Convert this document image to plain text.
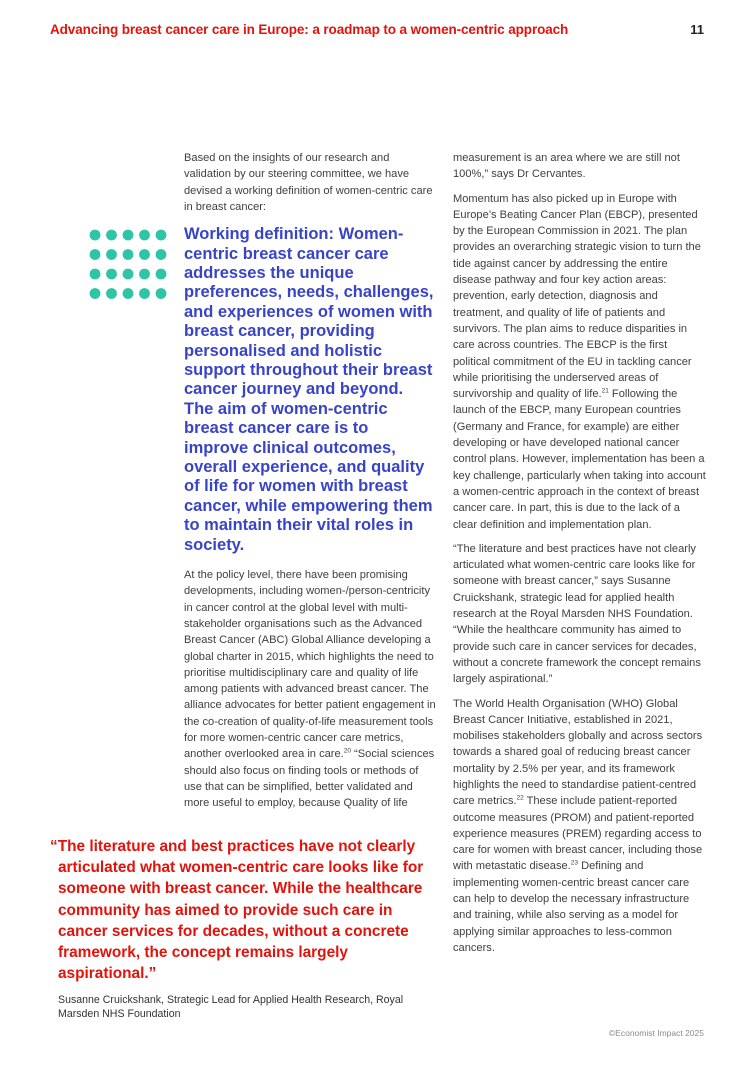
Advancing breast cancer care in Europe: a roadmap to a women-centric approach	11

Based on the insights of our research and validation by our steering committee, we have devised a working definition of women-centric care in breast cancer:

Working definition: Women-centric breast cancer care addresses the unique preferences, needs, challenges, and experiences of women with breast cancer, providing personalised and holistic support throughout their breast cancer journey and beyond. The aim of women-centric breast cancer care is to improve clinical outcomes, overall experience, and quality of life for women with breast cancer, while empowering them to maintain their vital roles in society.

At the policy level, there have been promising developments, including women-/person-centricity in cancer control at the global level with multi-stakeholder organisations such as the Advanced Breast Cancer (ABC) Global Alliance developing a global charter in 2015, which highlights the need to prioritise multidisciplinary care and quality of life among patients with advanced breast cancer. The alliance advocates for better patient engagement in the co-creation of quality-of-life measurement tools for more women-centric cancer care metrics, another overlooked area in care.$^{20}$ “Social sciences should also focus on finding tools or methods of use that can be simplified, better validated and more useful to employ, because Quality of life

measurement is an area where we are still not 100%,” says Dr Cervantes.

Momentum has also picked up in Europe with Europe’s Beating Cancer Plan (EBCP), presented by the European Commission in 2021. The plan provides an overarching strategic vision to turn the tide against cancer by addressing the entire disease pathway and four key action areas: prevention, early detection, diagnosis and treatment, and quality of life of patients and survivors. The plan aims to reduce disparities in care across countries. The EBCP is the first political commitment of the EU in tackling cancer while prioritising the underserved areas of survivorship and quality of life.$^{21}$ Following the launch of the EBCP, many European countries (Germany and France, for example) are either developing or have developed national cancer control plans. However, implementation has been a key challenge, particularly when taking into account a women-centric approach in the context of breast cancer care. In part, this is due to the lack of a clear definition and implementation plan.

“The literature and best practices have not clearly articulated what women-centric care looks like for someone with breast cancer,” says Susanne Cruickshank, strategic lead for applied health research at the Royal Marsden NHS Foundation. “While the healthcare community has aimed to provide such care in cancer services for decades, without a concrete framework the concept remains largely aspirational.”

The World Health Organisation (WHO) Global Breast Cancer Initiative, established in 2021, mobilises stakeholders globally and across sectors towards a shared goal of reducing breast cancer mortality by 2.5% per year, and its framework highlights the need to standardise patient-centred care metrics.$^{22}$ These include patient-reported outcome measures (PROM) and patient-reported experience measures (PREM) regarding access to care for women with breast cancer, including those with metastatic disease.$^{23}$ Defining and implementing women-centric breast cancer care can help to develop the necessary infrastructure and training, while also serving as a model for applying similar approaches to less-common cancers.

“The literature and best practices have not clearly articulated what women-centric care looks like for someone with breast cancer. While the healthcare community has aimed to provide such care in cancer services for decades, without a concrete framework, the concept remains largely aspirational.”

Susanne Cruickshank, Strategic Lead for Applied Health Research, Royal Marsden NHS Foundation
©Economist Impact 2025
